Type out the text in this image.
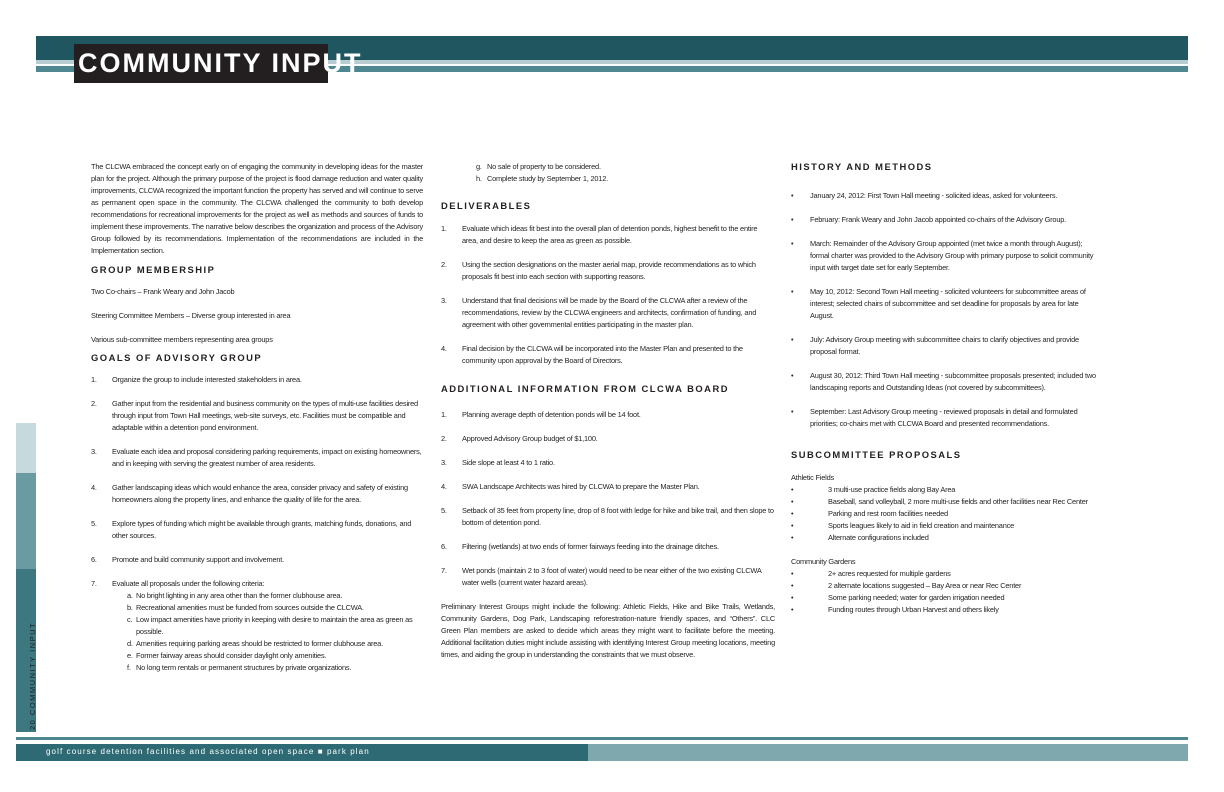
COMMUNITY INPUT
20 COMMUNITY INPUT

The CLCWA embraced the concept early on of engaging the community in developing ideas for the master plan for the project. Although the primary purpose of the project is flood damage reduction and water quality improvements, CLCWA recognized the important function the property has served and will continue to serve as permanent open space in the community. The CLCWA challenged the community to both develop recommendations for recreational improvements for the project as well as methods and sources of funds to implement these improvements. The narrative below describes the organization and process of the Advisory Group followed by its recommendations. Implementation of the recommendations are included in the Implementation section.

GROUP MEMBERSHIP
Two Co-chairs – Frank Weary and John Jacob
Steering Committee Members – Diverse group interested in area
Various sub-committee members representing area groups
GOALS OF ADVISORY GROUP
1. Organize the group to include interested stakeholders in area.
2. Gather input from the residential and business community on the types of multi-use facilities desired through input from Town Hall meetings, web-site surveys, etc. Facilities must be compatible and adaptable within a detention pond environment.
3. Evaluate each idea and proposal considering parking requirements, impact on existing homeowners, and in keeping with serving the greatest number of area residents.
4. Gather landscaping ideas which would enhance the area, consider privacy and safety of existing homeowners along the property lines, and enhance the quality of life for the area.
5. Explore types of funding which might be available through grants, matching funds, donations, and other sources.
6. Promote and build community support and involvement.
7. Evaluate all proposals under the following criteria:
a. No bright lighting in any area other than the former clubhouse area.
b. Recreational amenities must be funded from sources outside the CLCWA.
c. Low impact amenities have priority in keeping with desire to maintain the area as green as possible.
d. Amenities requiring parking areas should be restricted to former clubhouse area.
e. Former fairway areas should consider daylight only amenities.
f. No long term rentals or permanent structures by private organizations.
g. No sale of property to be considered.
h. Complete study by September 1, 2012.
DELIVERABLES
1. Evaluate which ideas fit best into the overall plan of detention ponds, highest benefit to the entire area, and desire to keep the area as green as possible.
2. Using the section designations on the master aerial map, provide recommendations as to which proposals fit best into each section with supporting reasons.
3. Understand that final decisions will be made by the Board of the CLCWA after a review of the recommendations, review by the CLCWA engineers and architects, confirmation of funding, and agreement with other governmental entities participating in the master plan.
4. Final decision by the CLCWA will be incorporated into the Master Plan and presented to the community upon approval by the Board of Directors.
ADDITIONAL INFORMATION FROM CLCWA BOARD
1. Planning average depth of detention ponds will be 14 foot.
2. Approved Advisory Group budget of $1,100.
3. Side slope at least 4 to 1 ratio.
4. SWA Landscape Architects was hired by CLCWA to prepare the Master Plan.
5. Setback of 35 feet from property line, drop of 8 foot with ledge for hike and bike trail, and then slope to bottom of detention pond.
6. Filtering (wetlands) at two ends of former fairways feeding into the drainage ditches.
7. Wet ponds (maintain 2 to 3 foot of water) would need to be near either of the two existing CLCWA water wells (current water hazard areas).

Preliminary Interest Groups might include the following: Athletic Fields, Hike and Bike Trails, Wetlands, Community Gardens, Dog Park, Landscaping reforestration-nature friendly spaces, and “Others”. CLC Green Plan members are asked to decide which areas they might want to facilitate before the meeting. Additional facilitation duties might include assisting with identifying Interest Group meeting locations, meeting times, and aiding the group in understanding the constraints that we must observe.

HISTORY AND METHODS
• January 24, 2012: First Town Hall meeting - solicited ideas, asked for volunteers.
• February: Frank Weary and John Jacob appointed co-chairs of the Advisory Group.
• March: Remainder of the Advisory Group appointed (met twice a month through August); formal charter was provided to the Advisory Group with primary purpose to solicit community input with target date set for early September.
• May 10, 2012: Second Town Hall meeting - solicited volunteers for subcommittee areas of interest; selected chairs of subcommittee and set deadline for proposals by area for late August.
• July: Advisory Group meeting with subcommittee chairs to clarify objectives and provide proposal format.
• August 30, 2012: Third Town Hall meeting - subcommittee proposals presented; included two landscaping reports and Outstanding Ideas (not covered by subcommittees).
• September: Last Advisory Group meeting - reviewed proposals in detail and formulated priorities; co-chairs met with CLCWA Board and presented recommendations.
SUBCOMMITTEE PROPOSALS
Athletic Fields
•	3 multi-use practice fields along Bay Area
•	Baseball, sand volleyball, 2 more multi-use fields and other facilities near Rec Center
•	Parking and rest room facilities needed
•	Sports leagues likely to aid in field creation and maintenance
•	Alternate configurations included
Community Gardens
•	2+ acres requested for multiple gardens
•	2 alternate locations suggested – Bay Area or near Rec Center
•	Some parking needed; water for garden irrigation needed
•	Funding routes through Urban Harvest and others likely
golf course detention facilities and associated open space ■ park plan
